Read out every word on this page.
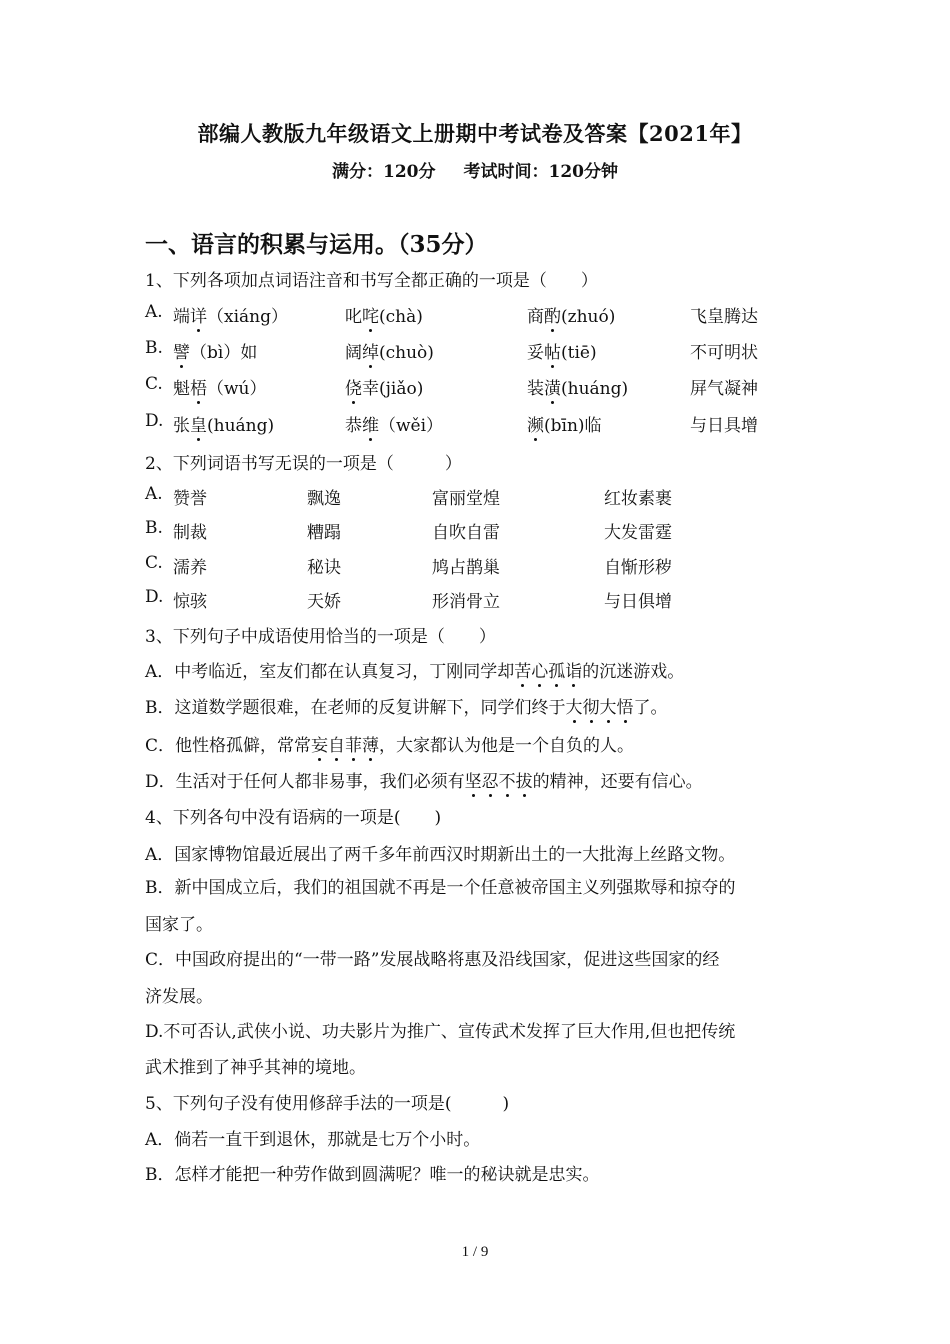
部编人教版九年级语文上册期中考试卷及答案【2021年】
满分：120分 考试时间：120分钟
一、语言的积累与运用。（35分）
1、下列各项加点词语注音和书写全都正确的一项是（　　）
A. 端详（xiáng）	叱咤(chà)	商酌(zhuó)	飞皇腾达
B. 譬（bì）如	阔绰(chuò)	妥帖(tiē)	不可明状
C. 魁梧（wú）	侥幸(jiǎo)	装潢(huáng)	屏气凝神
D. 张皇(huáng)	恭维（wěi）	濒(bīn)临	与日具增
2、下列词语书写无误的一项是（　　　）
A. 赞誉	飘逸	富丽堂煌	红妆素裹
B. 制裁	糟蹋	自吹自雷	大发雷霆
C. 濡养	秘诀	鸠占鹊巢	自惭形秽
D. 惊骇	天娇	形消骨立	与日俱增
3、下列句子中成语使用恰当的一项是（　　）
A．中考临近，室友们都在认真复习，丁刚同学却苦心孤诣的沉迷游戏。
B．这道数学题很难，在老师的反复讲解下，同学们终于大彻大悟了。
C．他性格孤僻，常常妄自菲薄，大家都认为他是一个自负的人。
D．生活对于任何人都非易事，我们必须有坚忍不拔的精神，还要有信心。
4、下列各句中没有语病的一项是(　　)
A．国家博物馆最近展出了两千多年前西汉时期新出土的一大批海上丝路文物。
B．新中国成立后，我们的祖国就不再是一个任意被帝国主义列强欺辱和掠夺的
国家了。
C．中国政府提出的“一带一路”发展战略将惠及沿线国家，促进这些国家的经
济发展。
D.不可否认,武侠小说、功夫影片为推广、宣传武术发挥了巨大作用,但也把传统
武术推到了神乎其神的境地。
5、下列句子没有使用修辞手法的一项是(　　　)
A．倘若一直干到退休，那就是七万个小时。
B．怎样才能把一种劳作做到圆满呢？唯一的秘诀就是忠实。
1 / 9
